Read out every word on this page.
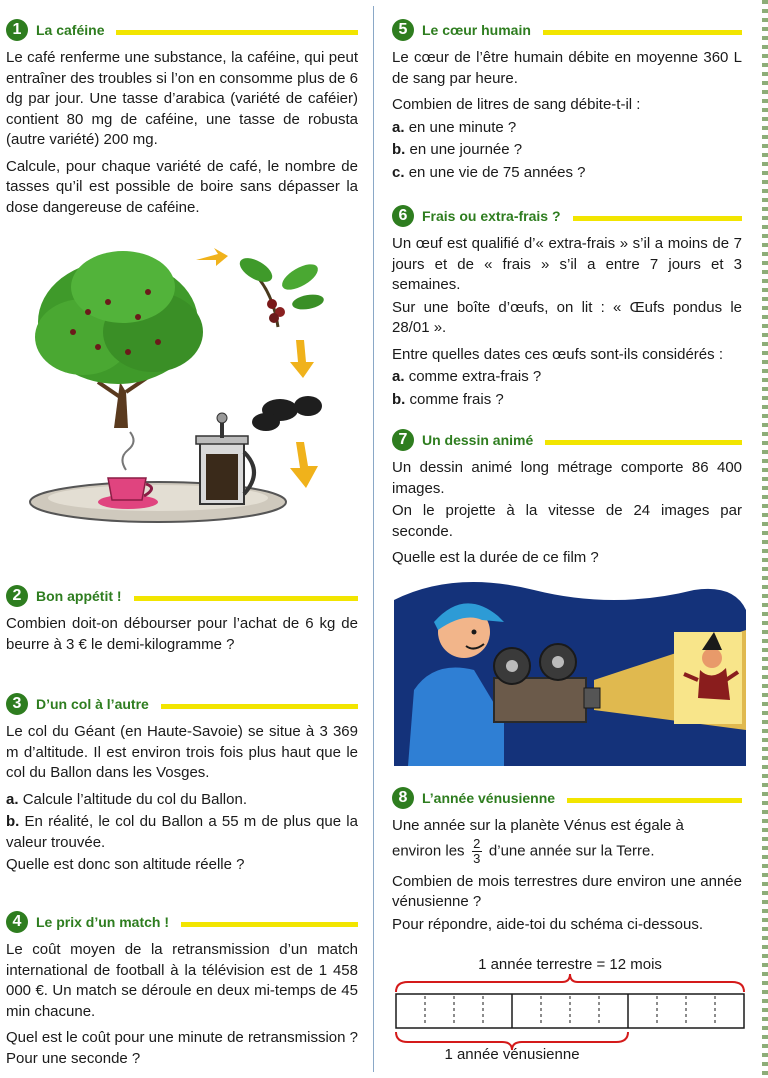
1	La caféine

Le café renferme une substance, la caféine, qui peut entraîner des troubles si l’on en consomme plus de 6 dg par jour. Une tasse d’arabica (variété de caféier) contient 80 mg de caféine, une tasse de robusta (autre variété) 200 mg.

Calcule, pour chaque variété de café, le nombre de tasses qu’il est possible de boire sans dépasser la dose dangereuse de caféine.

2	Bon appétit !

Combien doit-on débourser pour l’achat de 6 kg de beurre à 3 € le demi-kilogramme ?

3	D’un col à l’autre

Le col du Géant (en Haute-Savoie) se situe à 3 369 m d’altitude. Il est environ trois fois plus haut que le col du Ballon dans les Vosges.

a. Calcule l’altitude du col du Ballon.

b. En réalité, le col du Ballon a 55 m de plus que la valeur trouvée.

Quelle est donc son altitude réelle ?

4	Le prix d’un match !

Le coût moyen de la retransmission d’un match international de football à la télévision est de 1 458 000 €. Un match se déroule en deux mi-temps de 45 min chacune.

Quel est le coût pour une minute de retransmission ? Pour une seconde ?

5	Le cœur humain

Le cœur de l’être humain débite en moyenne 360 L de sang par heure.

Combien de litres de sang débite-t-il :

a. en une minute ?

b. en une journée ?

c. en une vie de 75 années ?

6	Frais ou extra-frais ?

Un œuf est qualifié d’« extra-frais » s’il a moins de 7 jours et de « frais » s’il a entre 7 jours et 3 semaines.

Sur une boîte d’œufs, on lit : « Œufs pondus le 28/01 ».

Entre quelles dates ces œufs sont-ils considérés :

a. comme extra-frais ?

b. comme frais ?

7	Un dessin animé

Un dessin animé long métrage comporte 86 400 images.

On le projette à la vitesse de 24 images par seconde.

Quelle est la durée de ce film ?

8	L’année vénusienne

Une année sur la planète Vénus est égale à
environ les $\frac{2}{3}$ d’une année sur la Terre.

Combien de mois terrestres dure environ une année vénusienne ?

Pour répondre, aide-toi du schéma ci-dessous.

1 année terrestre = 12 mois
1 année vénusienne
